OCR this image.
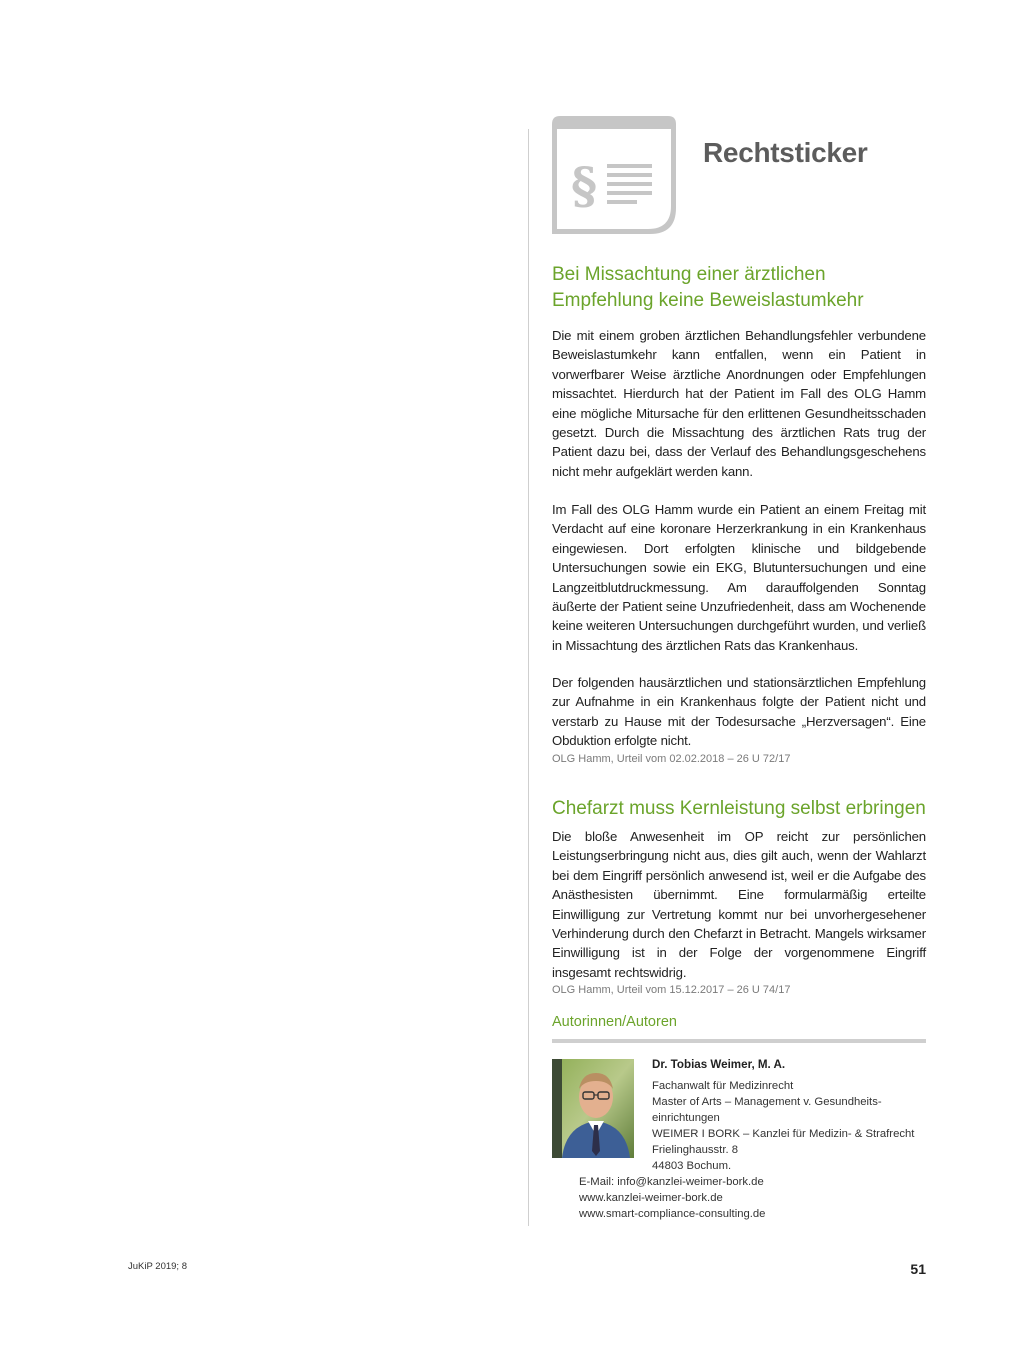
§
Rechtsticker
Bei Missachtung einer ärztlichen
Empfehlung keine Beweislastumkehr

Die mit einem groben ärztlichen Behandlungsfehler verbundene Beweislastumkehr kann entfallen, wenn ein Patient in vorwerfbarer Weise ärztliche Anordnungen oder Empfehlungen missachtet. Hierdurch hat der Patient im Fall des OLG Hamm eine mögliche Mitursache für den erlittenen Gesundheitsschaden gesetzt. Durch die Missachtung des ärztlichen Rats trug der Patient dazu bei, dass der Verlauf des Behandlungsgeschehens nicht mehr aufgeklärt werden kann.

Im Fall des OLG Hamm wurde ein Patient an einem Freitag mit Verdacht auf eine koronare Herzerkrankung in ein Krankenhaus eingewiesen. Dort erfolgten klinische und bildgebende Untersuchungen sowie ein EKG, Blutuntersuchungen und eine Langzeitblutdruckmessung. Am darauffolgenden Sonntag äußerte der Patient seine Unzufriedenheit, dass am Wochenende keine weiteren Untersuchungen durchgeführt wurden, und verließ in Missachtung des ärztlichen Rats das Krankenhaus.

Der folgenden hausärztlichen und stationsärztlichen Empfehlung zur Aufnahme in ein Krankenhaus folgte der Patient nicht und verstarb zu Hause mit der Todesursache „Herzversagen“. Eine Obduktion erfolgte nicht.

OLG Hamm, Urteil vom 02.02.2018 – 26 U 72/17

Chefarzt muss Kernleistung selbst erbringen

Die bloße Anwesenheit im OP reicht zur persönlichen Leistungserbringung nicht aus, dies gilt auch, wenn der Wahlarzt bei dem Eingriff persönlich anwesend ist, weil er die Aufgabe des Anästhesisten übernimmt. Eine formularmäßig erteilte Einwilligung zur Vertretung kommt nur bei unvorhergesehener Verhinderung durch den Chefarzt in Betracht. Mangels wirksamer Einwilligung ist in der Folge der vorgenommene Eingriff insgesamt rechtswidrig.

OLG Hamm, Urteil vom 15.12.2017 – 26 U 74/17

Autorinnen/Autoren

Dr. Tobias Weimer, M. A.

Fachanwalt für Medizinrecht

Master of Arts – Management v. Gesundheits-

einrichtungen

WEIMER I BORK – Kanzlei für Medizin- & Strafrecht

Frielinghausstr. 8

44803 Bochum.

E-Mail: info@kanzlei-weimer-bork.de

www.kanzlei-weimer-bork.de

www.smart-compliance-consulting.de

JuKiP 2019; 8	51
